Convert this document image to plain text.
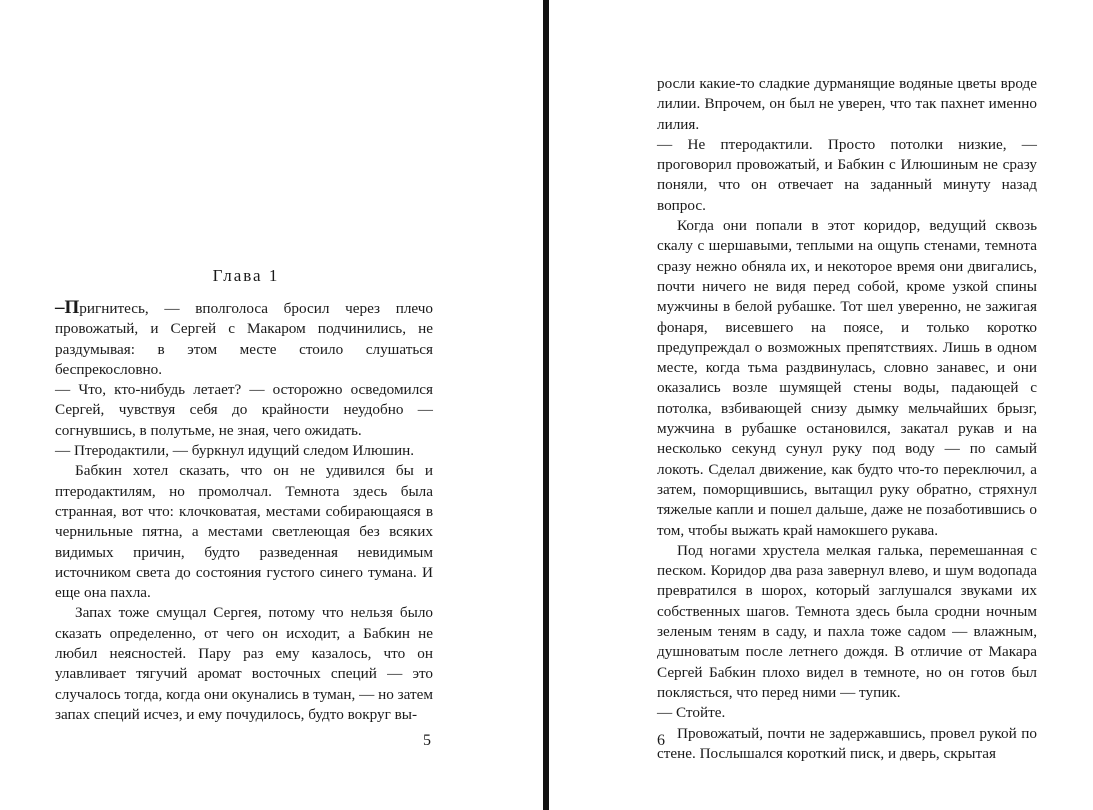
Глава 1

–Пригнитесь, — вполголоса бросил через плечо провожатый, и Сергей с Макаром подчинились, не раздумывая: в этом месте стоило слушаться беспрекословно.

— Что, кто-нибудь летает? — осторожно осведомился Сергей, чувствуя себя до крайности неудобно — согнувшись, в полутьме, не зная, чего ожидать.

— Птеродактили, — буркнул идущий следом Илюшин.

Бабкин хотел сказать, что он не удивился бы и птеродактилям, но промолчал. Темнота здесь была странная, вот что: клочковатая, местами собирающаяся в чернильные пятна, а местами светлеющая без всяких видимых причин, будто разведенная невидимым источником света до состояния густого синего тумана. И еще она пахла.

Запах тоже смущал Сергея, потому что нельзя было сказать определенно, от чего он исходит, а Бабкин не любил неясностей. Пару раз ему казалось, что он улавливает тягучий аромат восточных специй — это случалось тогда, когда они окунались в туман, — но затем запах специй исчез, и ему почудилось, будто вокруг вы-

5

росли какие-то сладкие дурманящие водяные цветы вроде лилии. Впрочем, он был не уверен, что так пахнет именно лилия.

— Не птеродактили. Просто потолки низкие, — проговорил провожатый, и Бабкин с Илюшиным не сразу поняли, что он отвечает на заданный минуту назад вопрос.

Когда они попали в этот коридор, ведущий сквозь скалу с шершавыми, теплыми на ощупь стенами, темнота сразу нежно обняла их, и некоторое время они двигались, почти ничего не видя перед собой, кроме узкой спины мужчины в белой рубашке. Тот шел уверенно, не зажигая фонаря, висевшего на поясе, и только коротко предупреждал о возможных препятствиях. Лишь в одном месте, когда тьма раздвинулась, словно занавес, и они оказались возле шумящей стены воды, падающей с потолка, взбивающей снизу дымку мельчайших брызг, мужчина в рубашке остановился, закатал рукав и на несколько секунд сунул руку под воду — по самый локоть. Сделал движение, как будто что-то переключил, а затем, поморщившись, вытащил руку обратно, стряхнул тяжелые капли и пошел дальше, даже не позаботившись о том, чтобы выжать край намокшего рукава.

Под ногами хрустела мелкая галька, перемешанная с песком. Коридор два раза завернул влево, и шум водопада превратился в шорох, который заглушался звуками их собственных шагов. Темнота здесь была сродни ночным зеленым теням в саду, и пахла тоже садом — влажным, душноватым после летнего дождя. В отличие от Макара Сергей Бабкин плохо видел в темноте, но он готов был поклясться, что перед ними — тупик.

— Стойте.

Провожатый, почти не задержавшись, провел рукой по стене. Послышался короткий писк, и дверь, скрытая

6
